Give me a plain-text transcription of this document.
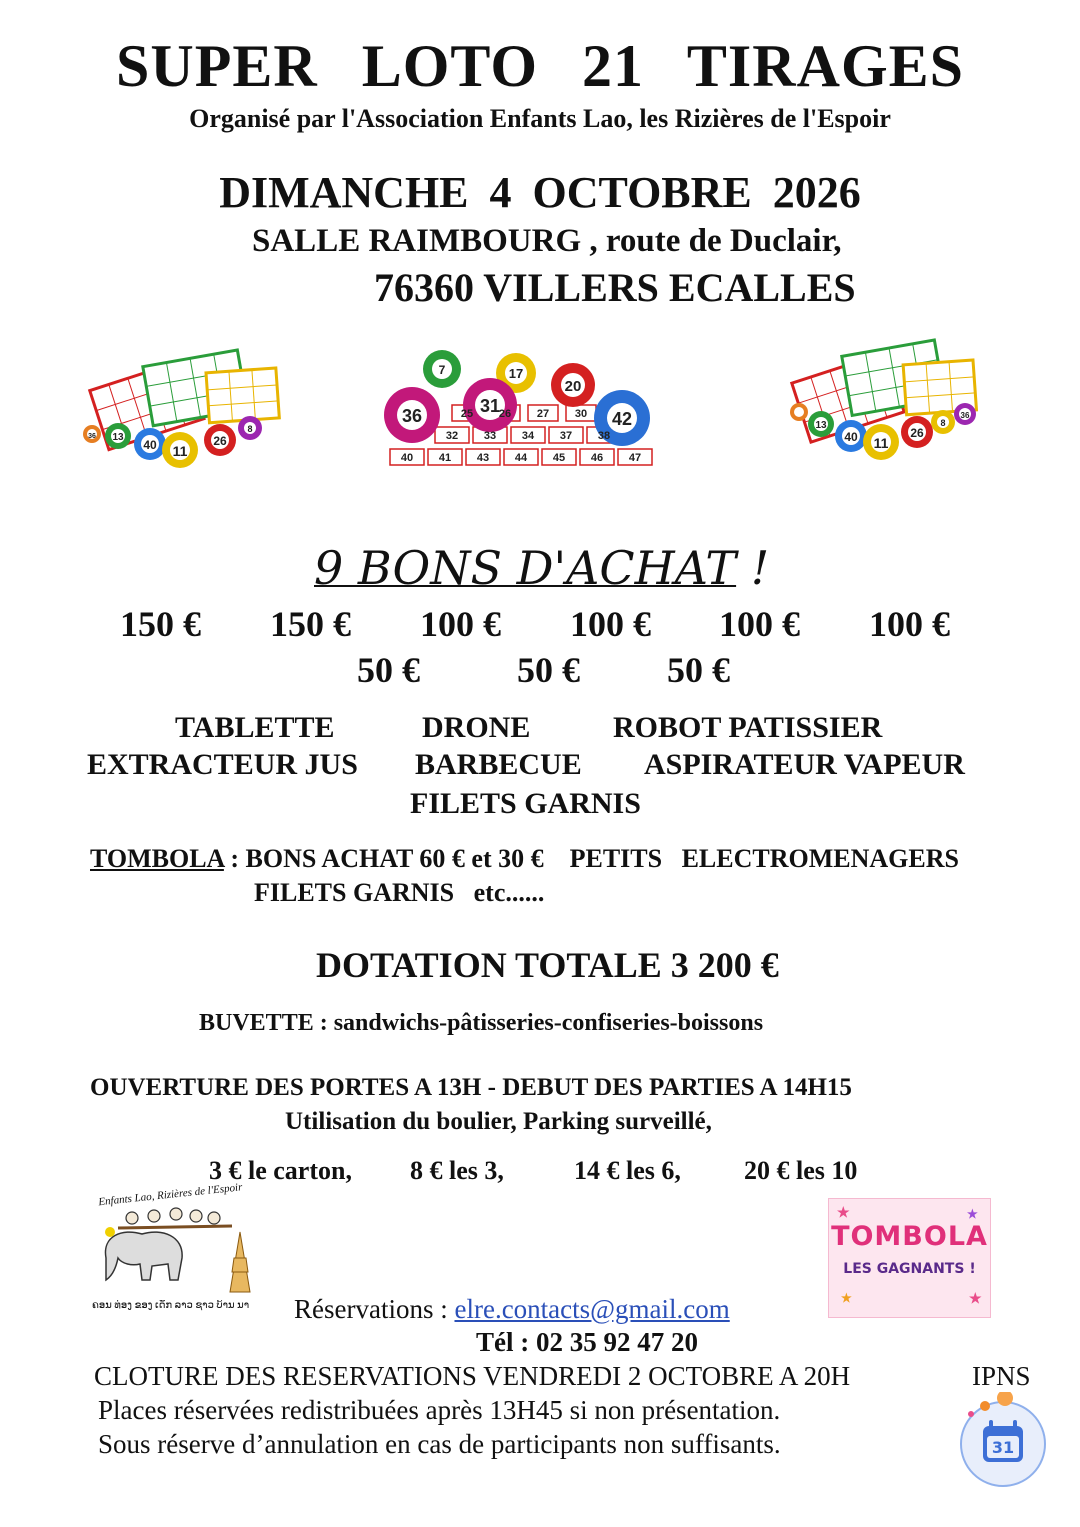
SUPER LOTO 21 TIRAGES
Organisé par l'Association Enfants Lao, les Rizières de l'Espoir
DIMANCHE 4 OCTOBRE 2026
SALLE RAIMBOURG , route de Duclair,
76360 VILLERS ECALLES
13
40 11
26
8
36
7	17
20
36	31
42
25 26 27 30
32 33 34 37 38
40 41 43 44 45 46 47
13
40 11
26
8
36
9 BONS D'ACHAT !
150 € 150 € 100 € 100 € 100 € 100 €
50 €	50 € 50 €
TABLETTE	DRONE	ROBOT PATISSIER
EXTRACTEUR JUS BARBECUE ASPIRATEUR VAPEUR
FILETS GARNIS
TOMBOLA : BONS ACHAT 60 € et 30 €    PETITS   ELECTROMENAGERS
FILETS GARNIS   etc......
DOTATION TOTALE 3 200 €
BUVETTE : sandwichs-pâtisseries-confiseries-boissons
OUVERTURE DES PORTES A 13H - DEBUT DES PARTIES A 14H15
Utilisation du boulier, Parking surveillé,
3 € le carton, 8 € les 3,	14 € les 6, 20 € les 10
Enfants Lao, Rizières de l'Espoir
ຄອນ ທ່ອງ ຂອງ ເດັກ ລາວ ຊາວ ບ້ານ ນາ
TOMBOLA
LES GAGNANTS !
★	★
★	★
Réservations : elre.contacts@gmail.com
Tél : 02 35 92 47 20
CLOTURE DES RESERVATIONS VENDREDI 2 OCTOBRE A 20H	IPNS
Places réservées redistribuées après 13H45 si non présentation.
Sous réserve d’annulation en cas de participants non suffisants.	31
